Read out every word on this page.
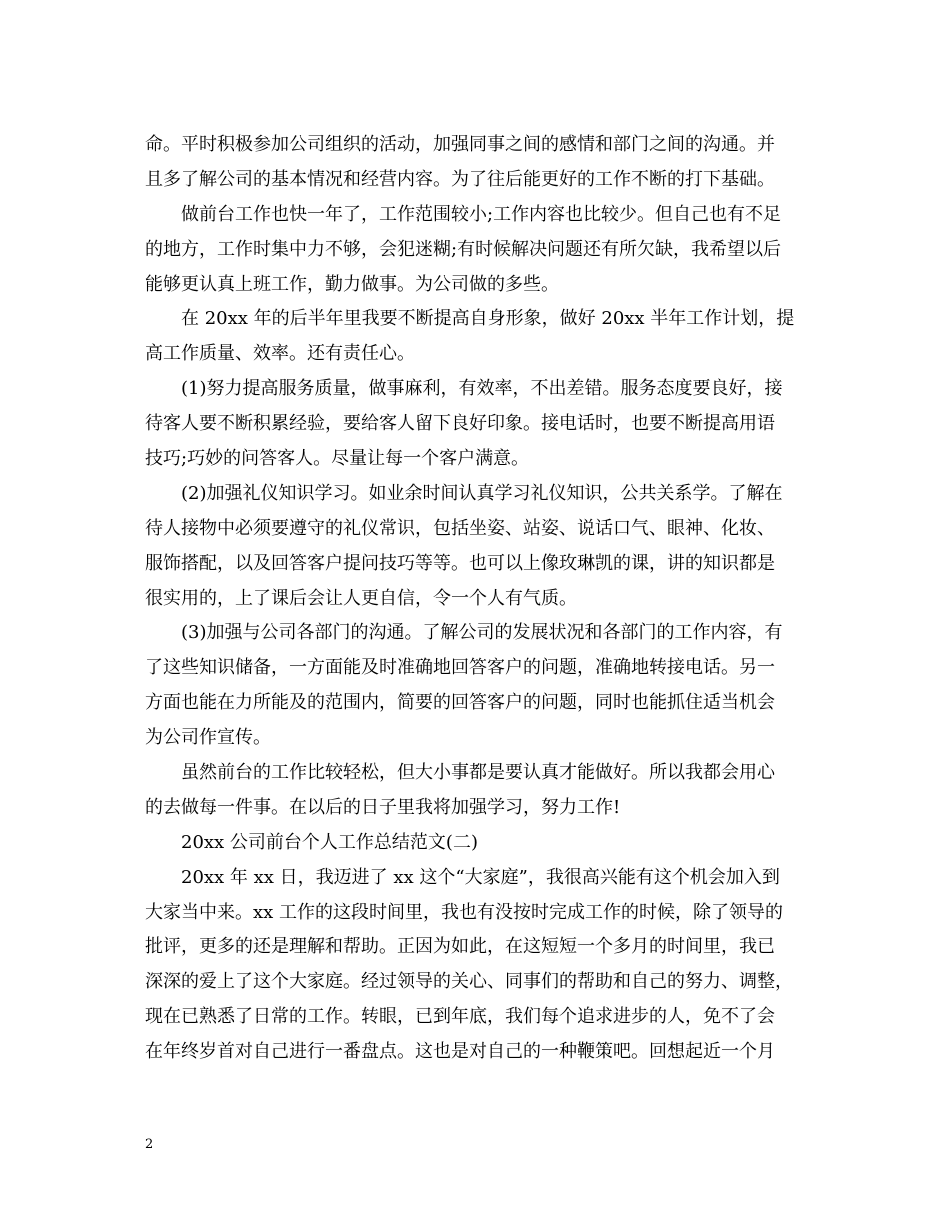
命。平时积极参加公司组织的活动，加强同事之间的感情和部门之间的沟通。并
且多了解公司的基本情况和经营内容。为了往后能更好的工作不断的打下基础。
做前台工作也快一年了，工作范围较小;工作内容也比较少。但自己也有不足
的地方，工作时集中力不够，会犯迷糊;有时候解决问题还有所欠缺，我希望以后
能够更认真上班工作，勤力做事。为公司做的多些。
在 20xx 年的后半年里我要不断提高自身形象，做好 20xx 半年工作计划，提
高工作质量、效率。还有责任心。
(1)努力提高服务质量，做事麻利，有效率，不出差错。服务态度要良好，接
待客人要不断积累经验，要给客人留下良好印象。接电话时，也要不断提高用语
技巧;巧妙的问答客人。尽量让每一个客户满意。
(2)加强礼仪知识学习。如业余时间认真学习礼仪知识，公共关系学。了解在
待人接物中必须要遵守的礼仪常识，包括坐姿、站姿、说话口气、眼神、化妆、
服饰搭配，以及回答客户提问技巧等等。也可以上像玫琳凯的课，讲的知识都是
很实用的，上了课后会让人更自信，令一个人有气质。
(3)加强与公司各部门的沟通。了解公司的发展状况和各部门的工作内容，有
了这些知识储备，一方面能及时准确地回答客户的问题，准确地转接电话。另一
方面也能在力所能及的范围内，简要的回答客户的问题，同时也能抓住适当机会
为公司作宣传。
虽然前台的工作比较轻松，但大小事都是要认真才能做好。所以我都会用心
的去做每一件事。在以后的日子里我将加强学习，努力工作!
20xx 公司前台个人工作总结范文(二)
20xx 年 xx 日，我迈进了 xx 这个“大家庭”，我很高兴能有这个机会加入到
大家当中来。xx 工作的这段时间里，我也有没按时完成工作的时候，除了领导的
批评，更多的还是理解和帮助。正因为如此，在这短短一个多月的时间里，我已
深深的爱上了这个大家庭。经过领导的关心、同事们的帮助和自己的努力、调整，
现在已熟悉了日常的工作。转眼，已到年底，我们每个追求进步的人，免不了会
在年终岁首对自己进行一番盘点。这也是对自己的一种鞭策吧。回想起近一个月
2
